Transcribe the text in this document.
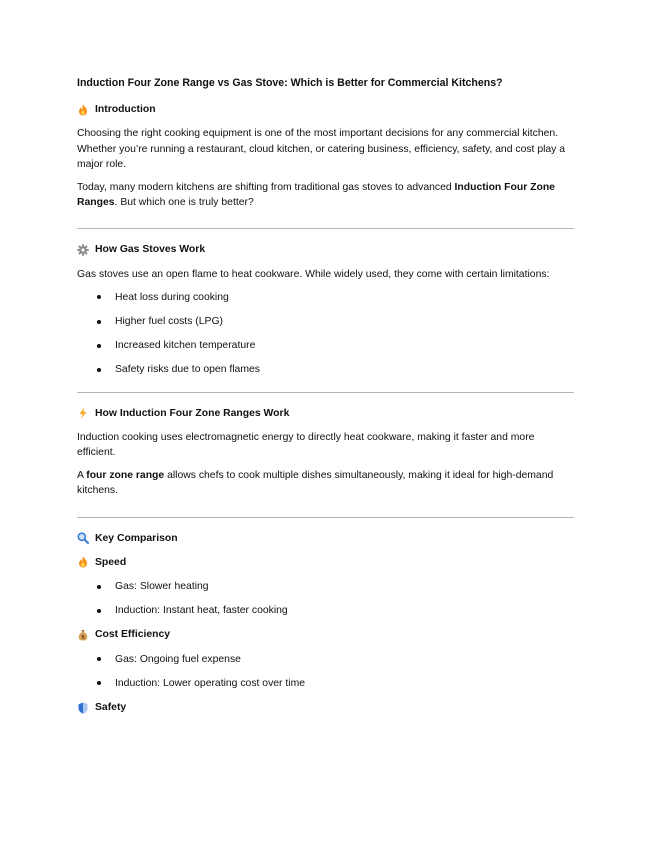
Induction Four Zone Range vs Gas Stove: Which is Better for Commercial Kitchens?
Introduction

Choosing the right cooking equipment is one of the most important decisions for any commercial kitchen. Whether you’re running a restaurant, cloud kitchen, or catering business, efficiency, safety, and cost play a major role.

Today, many modern kitchens are shifting from traditional gas stoves to advanced Induction Four Zone Ranges. But which one is truly better?

How Gas Stoves Work

Gas stoves use an open flame to heat cookware. While widely used, they come with certain limitations:

Heat loss during cooking
Higher fuel costs (LPG)
Increased kitchen temperature
Safety risks due to open flames
How Induction Four Zone Ranges Work

Induction cooking uses electromagnetic energy to directly heat cookware, making it faster and more efficient.

A four zone range allows chefs to cook multiple dishes simultaneously, making it ideal for high-demand kitchens.

Key Comparison
Speed
Gas: Slower heating
Induction: Instant heat, faster cooking
$ Cost Efficiency
Gas: Ongoing fuel expense
Induction: Lower operating cost over time
Safety
